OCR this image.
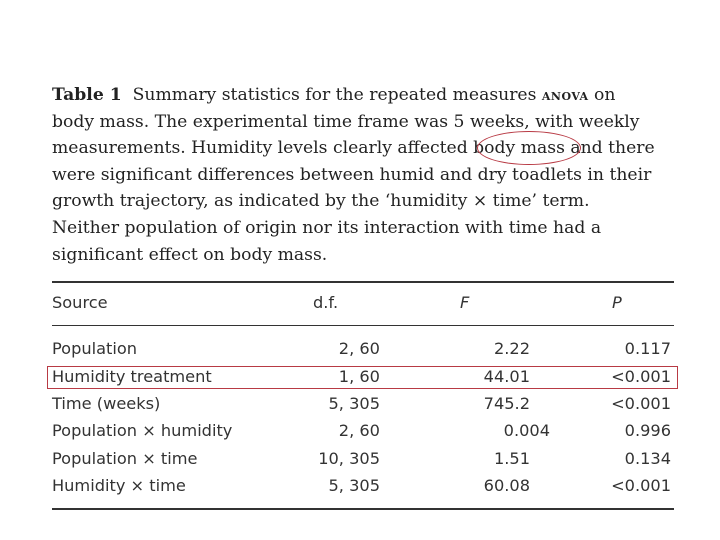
Table 1 Summary statistics for the repeated measures anova on
body mass. The experimental time frame was 5 weeks, with weekly
measurements. Humidity levels clearly affected body mass and there
were significant differences between humid and dry toadlets in their
growth trajectory, as indicated by the ‘humidity × time’ term.
Neither population of origin nor its interaction with time had a
significant effect on body mass.
Source	d.f.	F	P
Population	2, 60	2.22	0.117
Humidity treatment	1, 60	44.01	<0.001
Time (weeks)	5, 305	745.2	<0.001
Population × humidity	2, 60	0.004	0.996
Population × time	10, 305	1.51	0.134
Humidity × time	5, 305	60.08	<0.001
